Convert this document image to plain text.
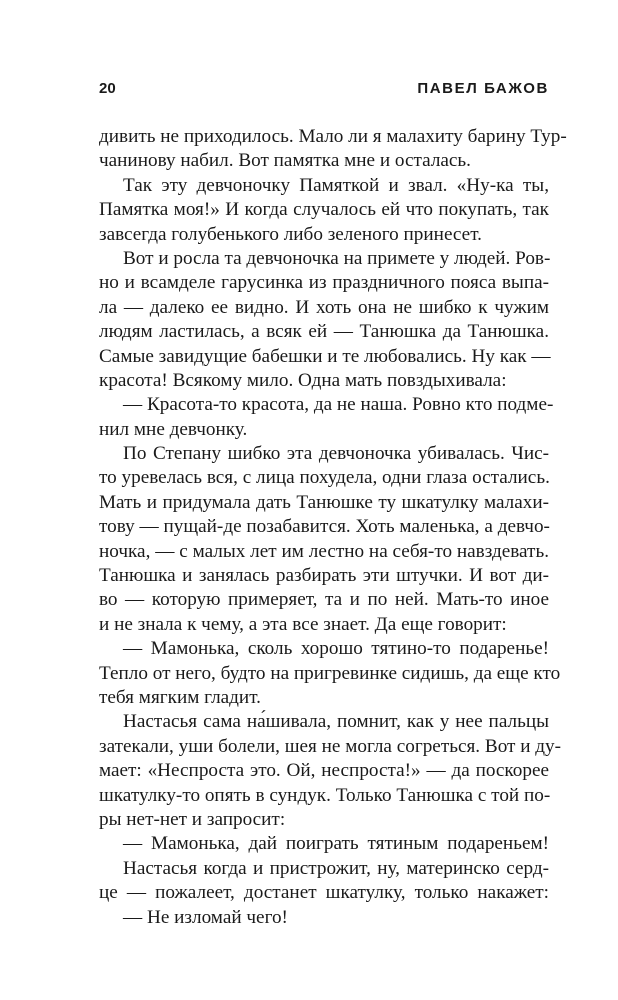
20	ПАВЕЛ БАЖОВ
дивить не приходилось. Мало ли я малахиту барину Тур-
чанинову набил. Вот памятка мне и осталась.
Так эту девчоночку Памяткой и звал. «Ну-ка ты,
Памятка моя!» И когда случалось ей что покупать, так
завсегда голубенького либо зеленого принесет.
Вот и росла та девчоночка на примете у людей. Ров-
но и всамделе гарусинка из праздничного пояса выпа-
ла — далеко ее видно. И хоть она не шибко к чужим
людям ластилась, а всяк ей — Танюшка да Танюшка.
Самые завидущие бабешки и те любовались. Ну как —
красота! Всякому мило. Одна мать повздыхивала:
— Красота-то красота, да не наша. Ровно кто подме-
нил мне девчонку.
По Степану шибко эта девчоночка убивалась. Чис-
то уревелась вся, с лица похудела, одни глаза остались.
Мать и придумала дать Танюшке ту шкатулку малахи-
тову — пущай-де позабавится. Хоть маленька, а девчо-
ночка, — с малых лет им лестно на себя-то навздевать.
Танюшка и занялась разбирать эти штучки. И вот ди-
во — которую примеряет, та и по ней. Мать-то иное
и не знала к чему, а эта все знает. Да еще говорит:
— Мамонька, сколь хорошо тятино-то подаренье!
Тепло от него, будто на пригревинке сидишь, да еще кто
тебя мягким гладит.
Настасья сама на́шивала, помнит, как у нее пальцы
затекали, уши болели, шея не могла согреться. Вот и ду-
мает: «Неспроста это. Ой, неспроста!» — да поскорее
шкатулку-то опять в сундук. Только Танюшка с той по-
ры нет-нет и запросит:
— Мамонька, дай поиграть тятиным подареньем!
Настасья когда и пристрожит, ну, материнско серд-
це — пожалеет, достанет шкатулку, только накажет:
— Не изломай чего!
